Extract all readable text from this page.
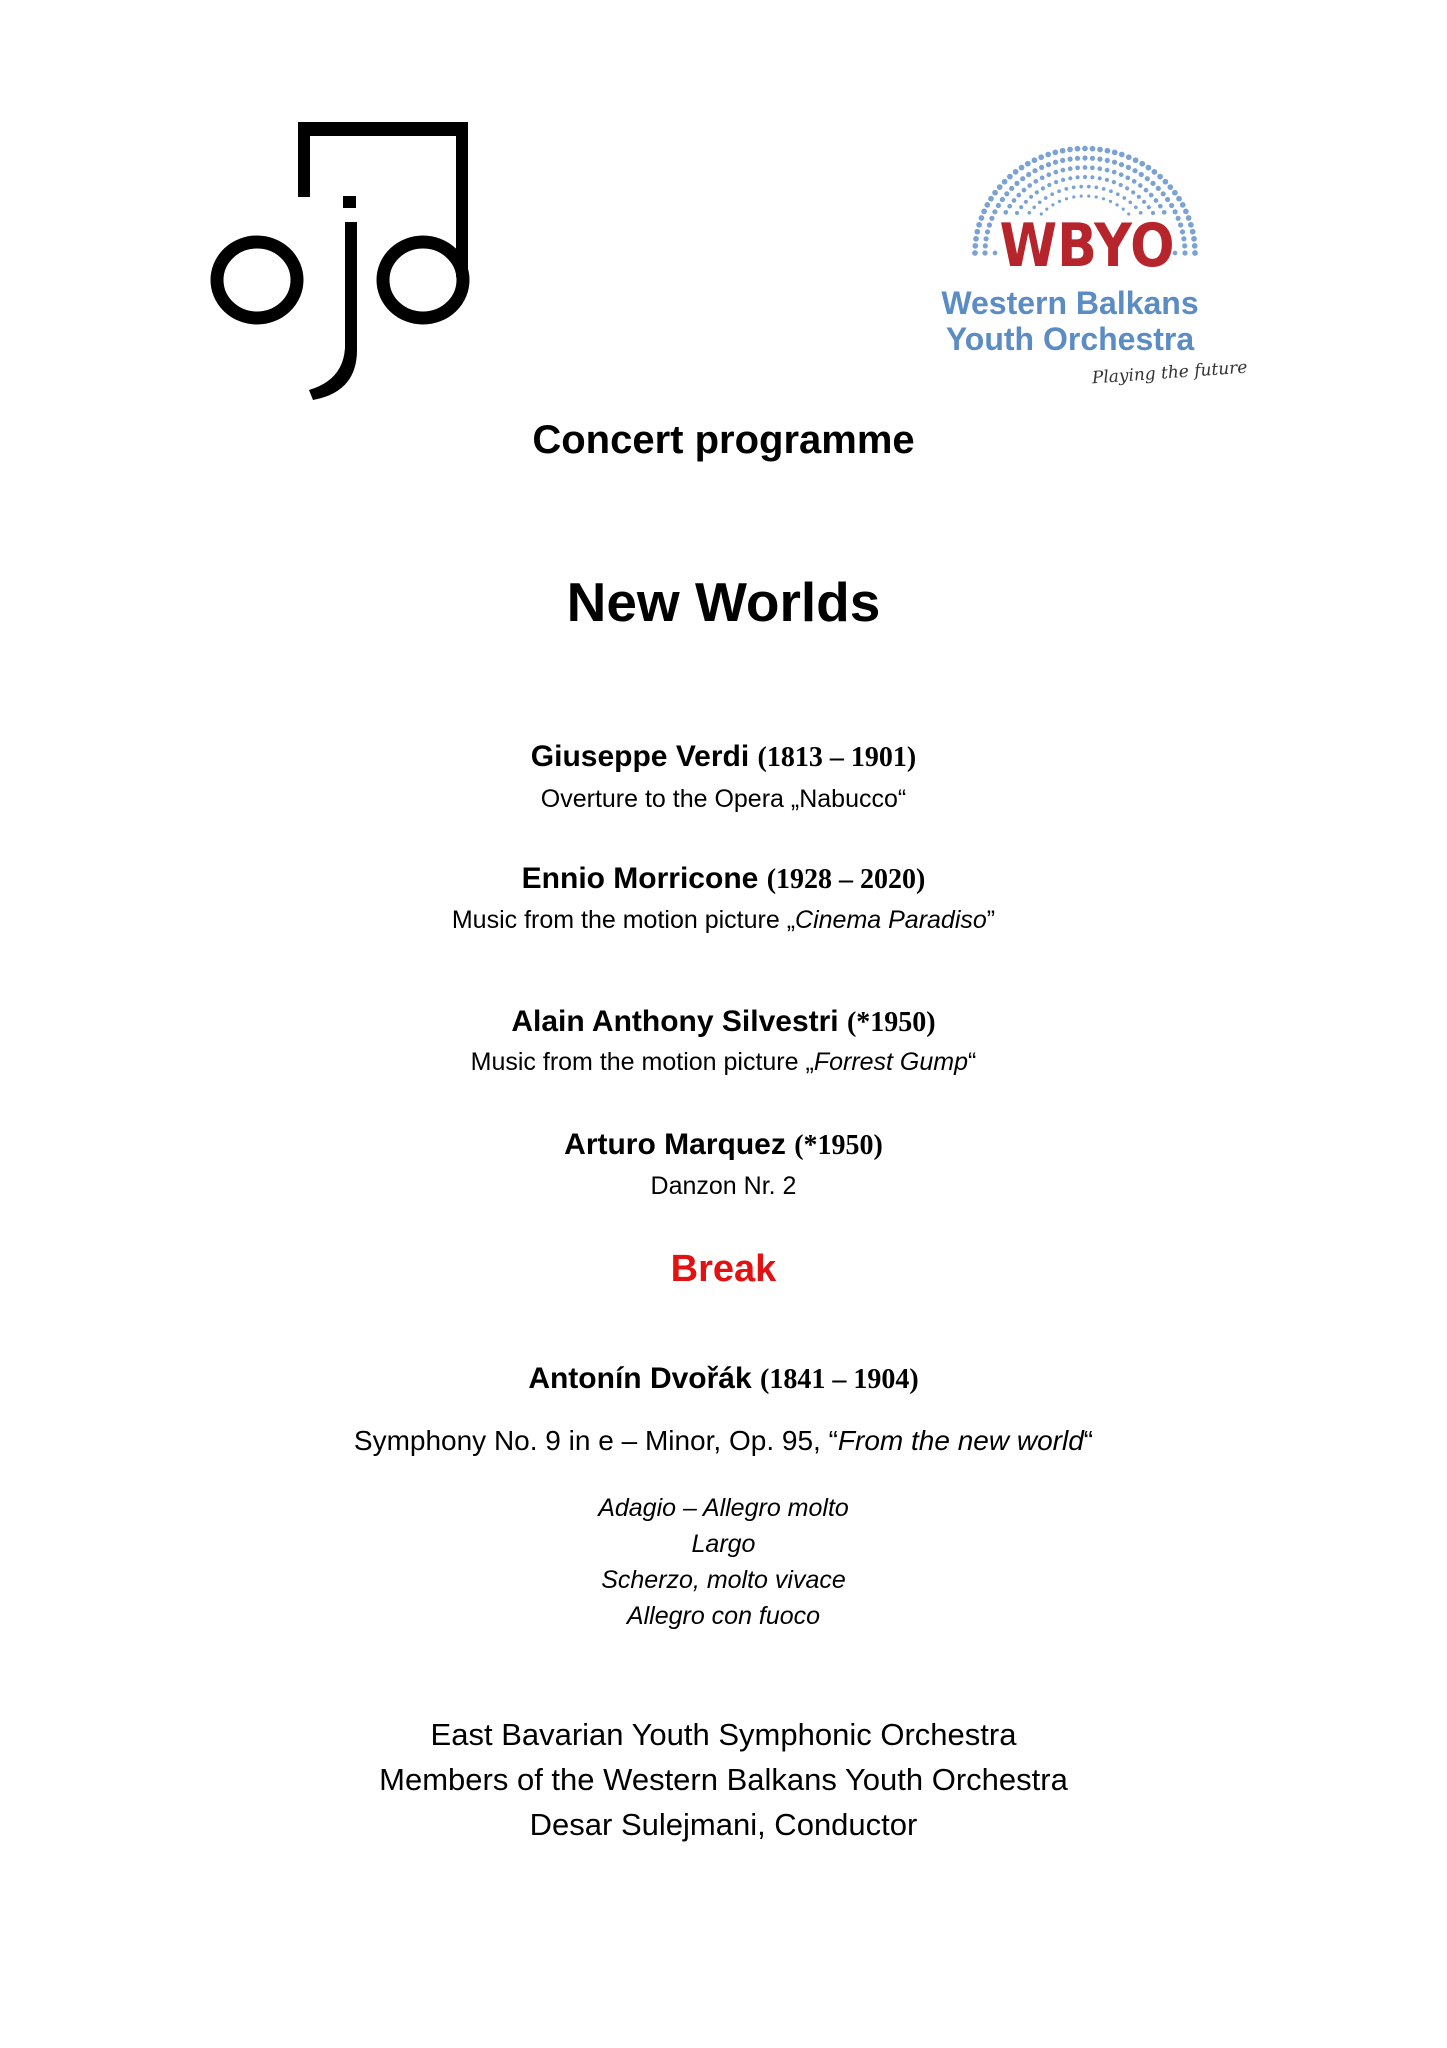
WBYO
Western Balkans
Youth Orchestra
Playing the future
Concert programme
New Worlds
Giuseppe Verdi (1813 – 1901)
Overture to the Opera „Nabucco“
Ennio Morricone (1928 – 2020)
Music from the motion picture „Cinema Paradiso”
Alain Anthony Silvestri (*1950)
Music from the motion picture „Forrest Gump“
Arturo Marquez (*1950)
Danzon Nr. 2
Break
Antonín Dvořák (1841 – 1904)
Symphony No. 9 in e – Minor, Op. 95, “From the new world“
Adagio – Allegro molto
Largo
Scherzo, molto vivace
Allegro con fuoco
East Bavarian Youth Symphonic Orchestra
Members of the Western Balkans Youth Orchestra
Desar Sulejmani, Conductor
